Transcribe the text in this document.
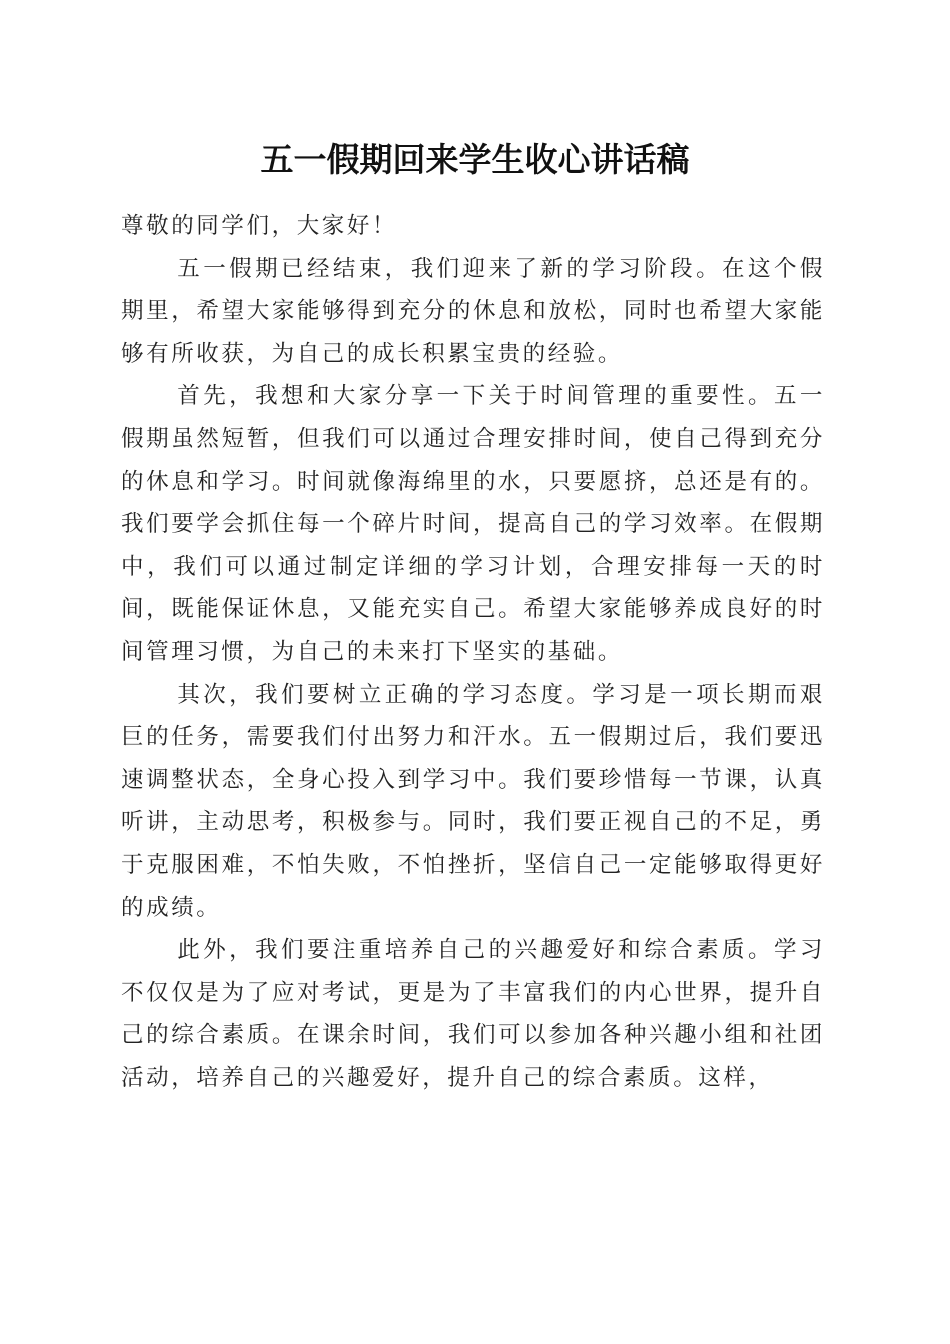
五一假期回来学生收心讲话稿

尊敬的同学们，大家好！

五一假期已经结束，我们迎来了新的学习阶段。在这个假期里，希望大家能够得到充分的休息和放松，同时也希望大家能够有所收获，为自己的成长积累宝贵的经验。

首先，我想和大家分享一下关于时间管理的重要性。五一假期虽然短暂，但我们可以通过合理安排时间，使自己得到充分的休息和学习。时间就像海绵里的水，只要愿挤，总还是有的。我们要学会抓住每一个碎片时间，提高自己的学习效率。在假期中，我们可以通过制定详细的学习计划，合理安排每一天的时间，既能保证休息，又能充实自己。希望大家能够养成良好的时间管理习惯，为自己的未来打下坚实的基础。

其次，我们要树立正确的学习态度。学习是一项长期而艰巨的任务，需要我们付出努力和汗水。五一假期过后，我们要迅速调整状态，全身心投入到学习中。我们要珍惜每一节课，认真听讲，主动思考，积极参与。同时，我们要正视自己的不足，勇于克服困难，不怕失败，不怕挫折，坚信自己一定能够取得更好的成绩。

此外，我们要注重培养自己的兴趣爱好和综合素质。学习不仅仅是为了应对考试，更是为了丰富我们的内心世界，提升自己的综合素质。在课余时间，我们可以参加各种兴趣小组和社团活动，培养自己的兴趣爱好，提升自己的综合素质。这样，
